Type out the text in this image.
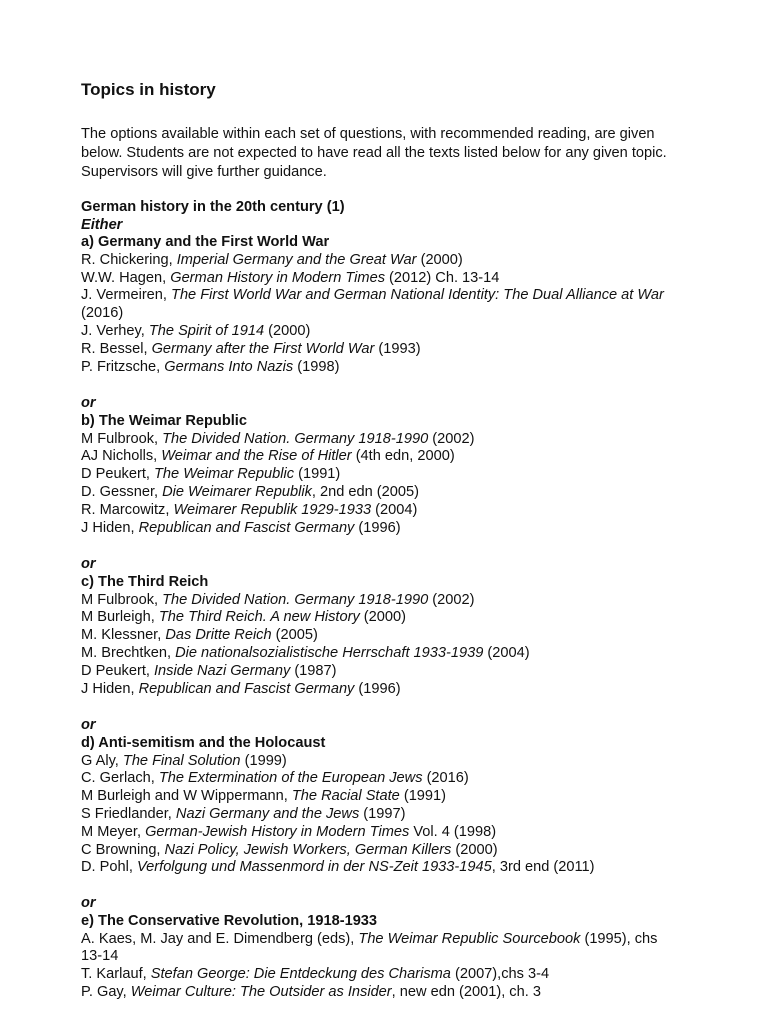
Topics in history

The options available within each set of questions, with recommended reading, are given below. Students are not expected to have read all the texts listed below for any given topic. Supervisors will give further guidance.

German history in the 20th century (1)

Either

a) Germany and the First World War

R. Chickering, Imperial Germany and the Great War (2000)

W.W. Hagen, German History in Modern Times (2012) Ch. 13-14

J. Vermeiren, The First World War and German National Identity: The Dual Alliance at War (2016)

J. Verhey, The Spirit of 1914 (2000)

R. Bessel, Germany after the First World War (1993)

P. Fritzsche, Germans Into Nazis (1998)

or

b) The Weimar Republic

M Fulbrook, The Divided Nation. Germany 1918-1990 (2002)

AJ Nicholls, Weimar and the Rise of Hitler (4th edn, 2000)

D Peukert, The Weimar Republic (1991)

D. Gessner, Die Weimarer Republik, 2nd edn (2005)

R. Marcowitz, Weimarer Republik 1929-1933 (2004)

J Hiden, Republican and Fascist Germany (1996)

or

c) The Third Reich

M Fulbrook, The Divided Nation. Germany 1918-1990 (2002)

M Burleigh, The Third Reich. A new History (2000)

M. Klessner, Das Dritte Reich (2005)

M. Brechtken, Die nationalsozialistische Herrschaft 1933-1939 (2004)

D Peukert, Inside Nazi Germany (1987)

J Hiden, Republican and Fascist Germany (1996)

or

d) Anti-semitism and the Holocaust

G Aly, The Final Solution (1999)

C. Gerlach, The Extermination of the European Jews (2016)

M Burleigh and W Wippermann, The Racial State (1991)

S Friedlander, Nazi Germany and the Jews (1997)

M Meyer, German-Jewish History in Modern Times Vol. 4 (1998)

C Browning, Nazi Policy, Jewish Workers, German Killers (2000)

D. Pohl, Verfolgung und Massenmord in der NS-Zeit 1933-1945, 3rd end (2011)

or

e) The Conservative Revolution, 1918-1933

A. Kaes, M. Jay and E. Dimendberg (eds), The Weimar Republic Sourcebook (1995), chs 13-14

T. Karlauf, Stefan George: Die Entdeckung des Charisma (2007),chs 3-4

P. Gay, Weimar Culture: The Outsider as Insider, new edn (2001), ch. 3
